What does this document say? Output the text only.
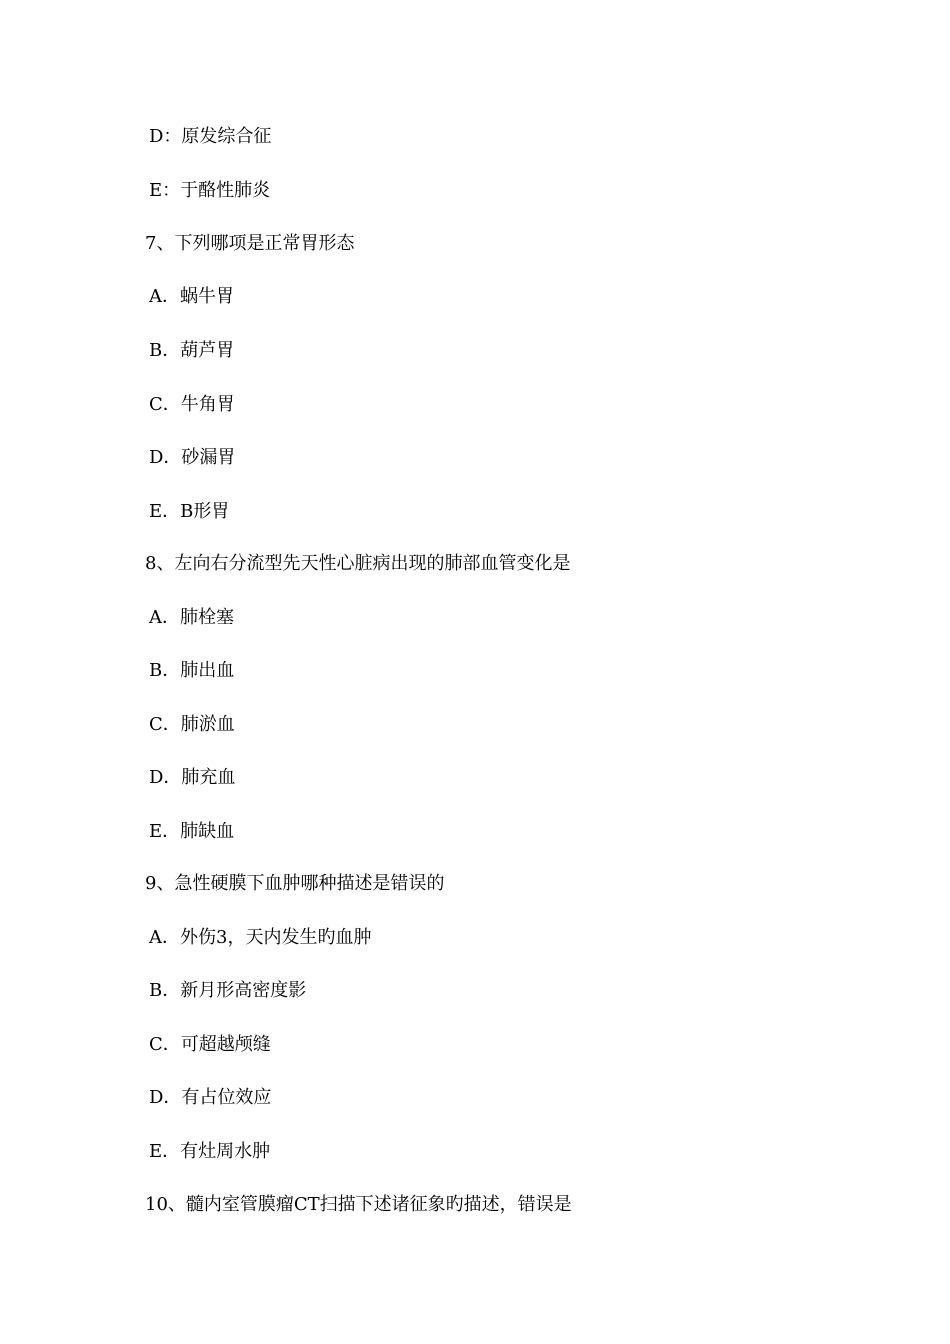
D：原发综合征
E：于酪性肺炎
7、下列哪项是正常胃形态
A．蜗牛胃
B．葫芦胃
C．牛角胃
D．砂漏胃
E．B形胃
8、左向右分流型先天性心脏病出现的肺部血管变化是
A．肺栓塞
B．肺出血
C．肺淤血
D．肺充血
E．肺缺血
9、急性硬膜下血肿哪种描述是错误的
A．外伤3，天内发生旳血肿
B．新月形高密度影
C．可超越颅缝
D．有占位效应
E．有灶周水肿
10、髓内室管膜瘤CT扫描下述诸征象旳描述，错误是
